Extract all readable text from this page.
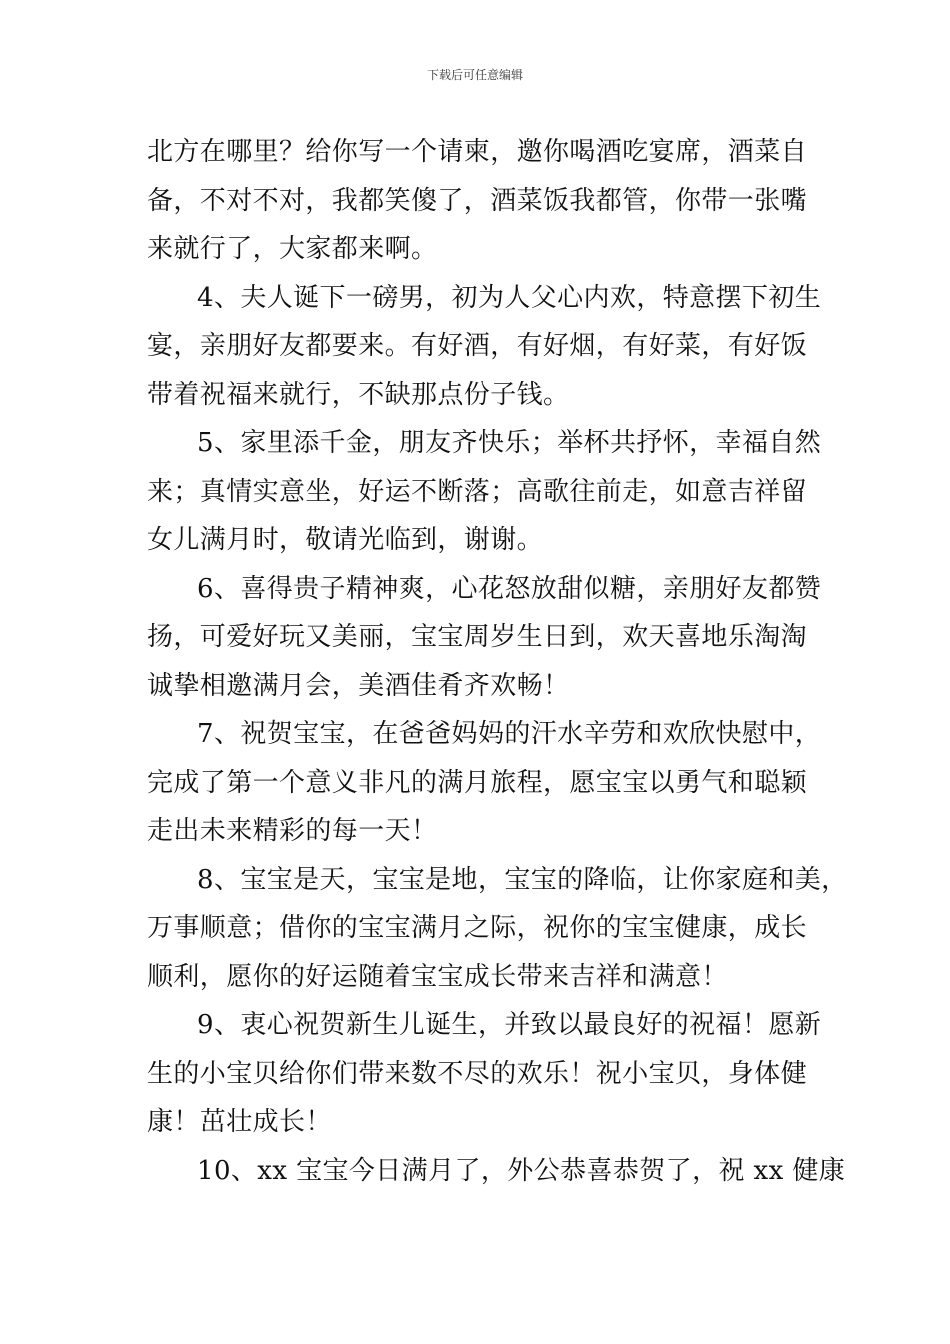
下载后可任意编辑
北方在哪里？给你写一个请柬，邀你喝酒吃宴席，酒菜自
备，不对不对，我都笑傻了，酒菜饭我都管，你带一张嘴
来就行了，大家都来啊。
4、夫人诞下一磅男，初为人父心内欢，特意摆下初生
宴，亲朋好友都要来。有好酒，有好烟，有好菜，有好饭
带着祝福来就行，不缺那点份子钱。
5、家里添千金，朋友齐快乐；举杯共抒怀，幸福自然
来；真情实意坐，好运不断落；高歌往前走，如意吉祥留
女儿满月时，敬请光临到，谢谢。
6、喜得贵子精神爽，心花怒放甜似糖，亲朋好友都赞
扬，可爱好玩又美丽，宝宝周岁生日到，欢天喜地乐淘淘
诚挚相邀满月会，美酒佳肴齐欢畅！
7、祝贺宝宝，在爸爸妈妈的汗水辛劳和欢欣快慰中，
完成了第一个意义非凡的满月旅程，愿宝宝以勇气和聪颖
走出未来精彩的每一天！
8、宝宝是天，宝宝是地，宝宝的降临，让你家庭和美，
万事顺意；借你的宝宝满月之际，祝你的宝宝健康，成长
顺利，愿你的好运随着宝宝成长带来吉祥和满意！
9、衷心祝贺新生儿诞生，并致以最良好的祝福！愿新
生的小宝贝给你们带来数不尽的欢乐！祝小宝贝，身体健
康！茁壮成长！
10、xx 宝宝今日满月了，外公恭喜恭贺了，祝 xx 健康
